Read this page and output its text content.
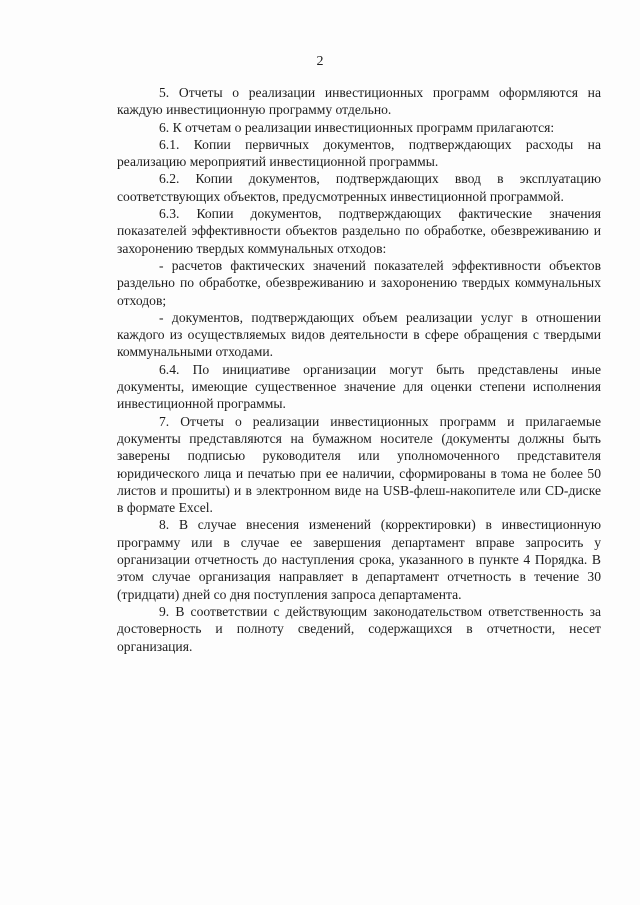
2

5. Отчеты о реализации инвестиционных программ оформляются на каждую инвестиционную программу отдельно.

6. К отчетам о реализации инвестиционных программ прилагаются:

6.1. Копии первичных документов, подтверждающих расходы на реализацию мероприятий инвестиционной программы.

6.2. Копии документов, подтверждающих ввод в эксплуатацию соответствующих объектов, предусмотренных инвестиционной программой.

6.3. Копии документов, подтверждающих фактические значения показателей эффективности объектов раздельно по обработке, обезвреживанию и захоронению твердых коммунальных отходов:

- расчетов фактических значений показателей эффективности объектов раздельно по обработке, обезвреживанию и захоронению твердых коммунальных отходов;

- документов, подтверждающих объем реализации услуг в отношении каждого из осуществляемых видов деятельности в сфере обращения с твердыми коммунальными отходами.

6.4. По инициативе организации могут быть представлены иные документы, имеющие существенное значение для оценки степени исполнения инвестиционной программы.

7. Отчеты о реализации инвестиционных программ и прилагаемые документы представляются на бумажном носителе (документы должны быть заверены подписью руководителя или уполномоченного представителя юридического лица и печатью при ее наличии, сформированы в тома не более 50 листов и прошиты) и в электронном виде на USB-флеш-накопителе или CD-диске в формате Excel.

8. В случае внесения изменений (корректировки) в инвестиционную программу или в случае ее завершения департамент вправе запросить у организации отчетность до наступления срока, указанного в пункте 4 Порядка. В этом случае организация направляет в департамент отчетность в течение 30 (тридцати) дней со дня поступления запроса департамента.

9. В соответствии с действующим законодательством ответственность за достоверность и полноту сведений, содержащихся в отчетности, несет организация.
